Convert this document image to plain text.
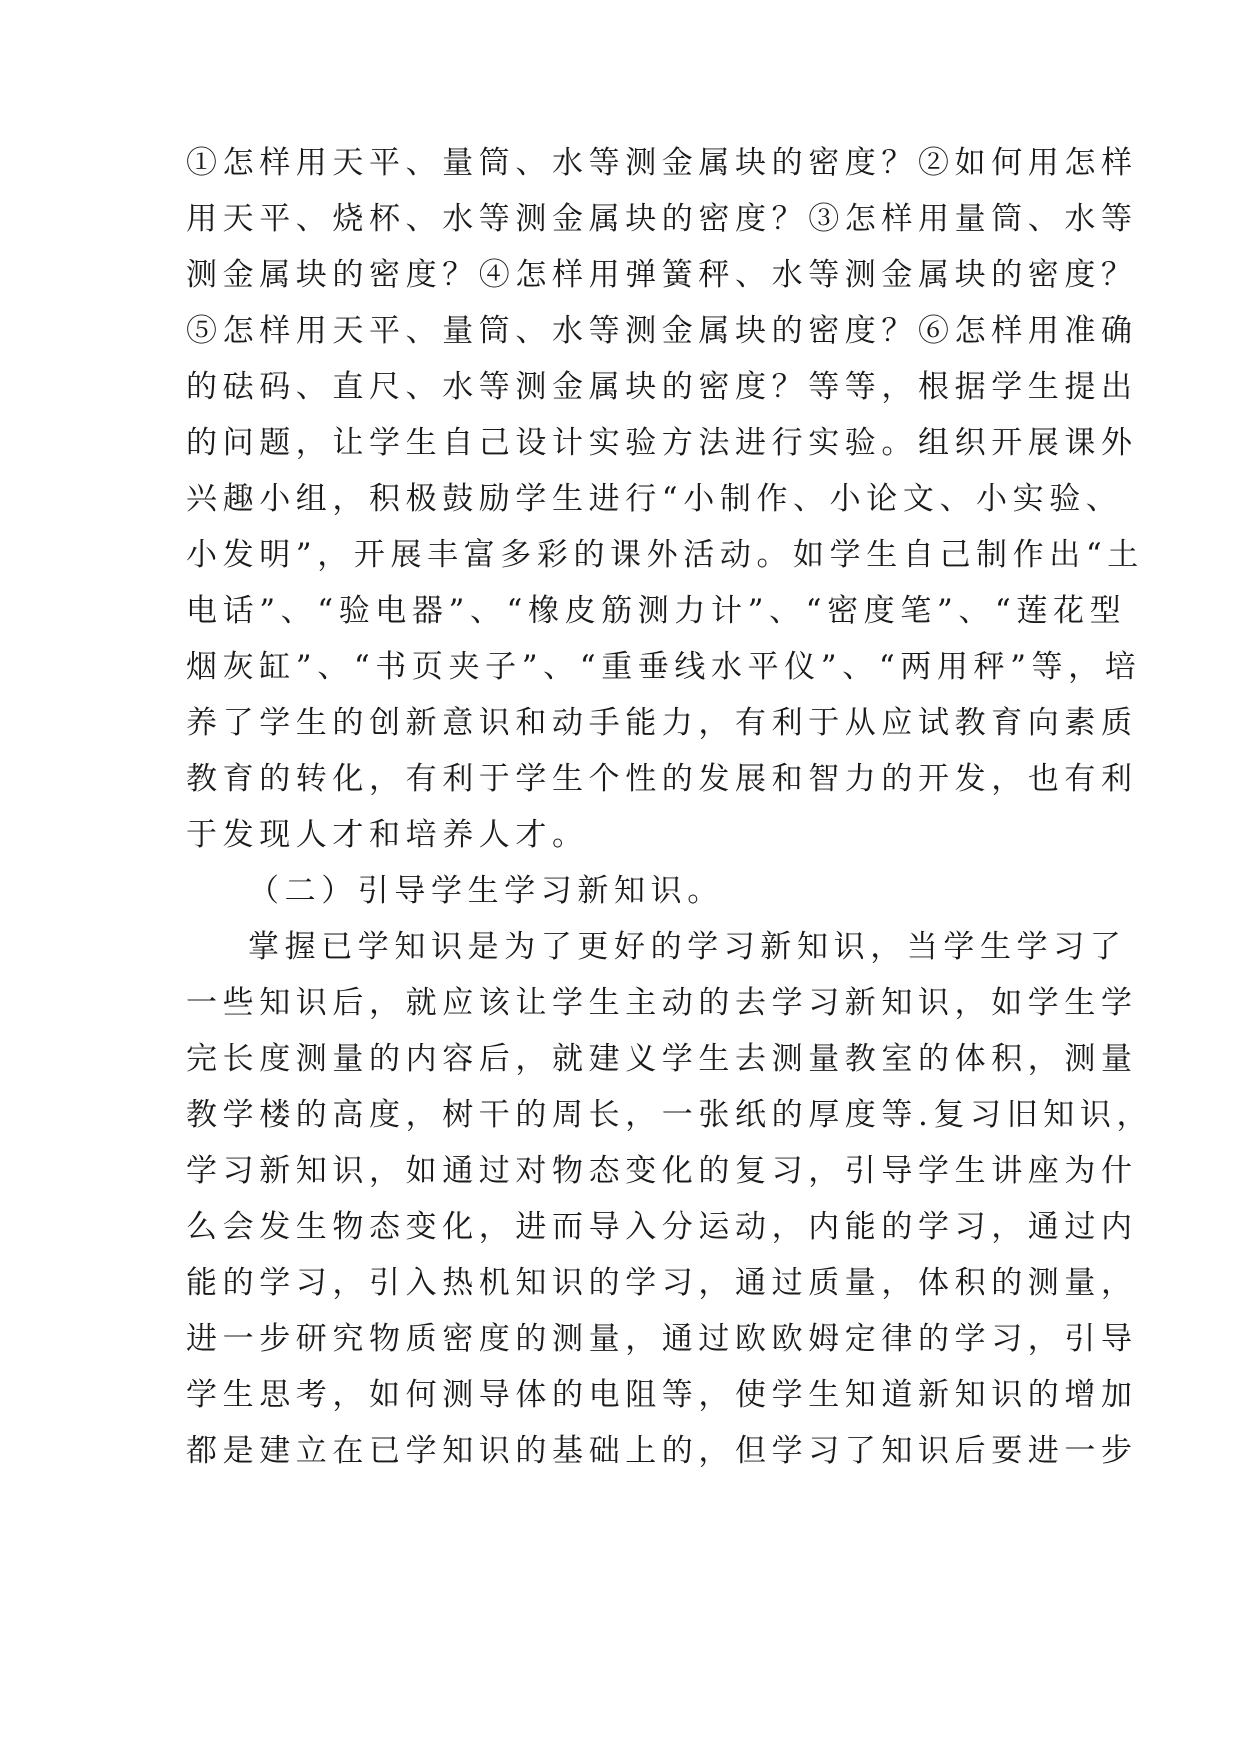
①怎样用天平、量筒、水等测金属块的密度？②如何用怎样
用天平、烧杯、水等测金属块的密度？③怎样用量筒、水等
测金属块的密度？④怎样用弹簧秤、水等测金属块的密度？
⑤怎样用天平、量筒、水等测金属块的密度？⑥怎样用准确
的砝码、直尺、水等测金属块的密度？等等，根据学生提出
的问题，让学生自己设计实验方法进行实验。组织开展课外
兴趣小组，积极鼓励学生进行“小制作、小论文、小实验、
小发明”，开展丰富多彩的课外活动。如学生自己制作出“土
电话”、“验电器”、“橡皮筋测力计”、“密度笔”、“莲花型
烟灰缸”、“书页夹子”、“重垂线水平仪”、“两用秤”等，培
养了学生的创新意识和动手能力，有利于从应试教育向素质
教育的转化，有利于学生个性的发展和智力的开发，也有利
于发现人才和培养人才。
（二）引导学生学习新知识。
掌握已学知识是为了更好的学习新知识，当学生学习了
一些知识后，就应该让学生主动的去学习新知识，如学生学
完长度测量的内容后，就建义学生去测量教室的体积，测量
教学楼的高度，树干的周长，一张纸的厚度等.复习旧知识，
学习新知识，如通过对物态变化的复习，引导学生讲座为什
么会发生物态变化，进而导入分运动，内能的学习，通过内
能的学习，引入热机知识的学习，通过质量，体积的测量，
进一步研究物质密度的测量，通过欧欧姆定律的学习，引导
学生思考，如何测导体的电阻等，使学生知道新知识的增加
都是建立在已学知识的基础上的，但学习了知识后要进一步
